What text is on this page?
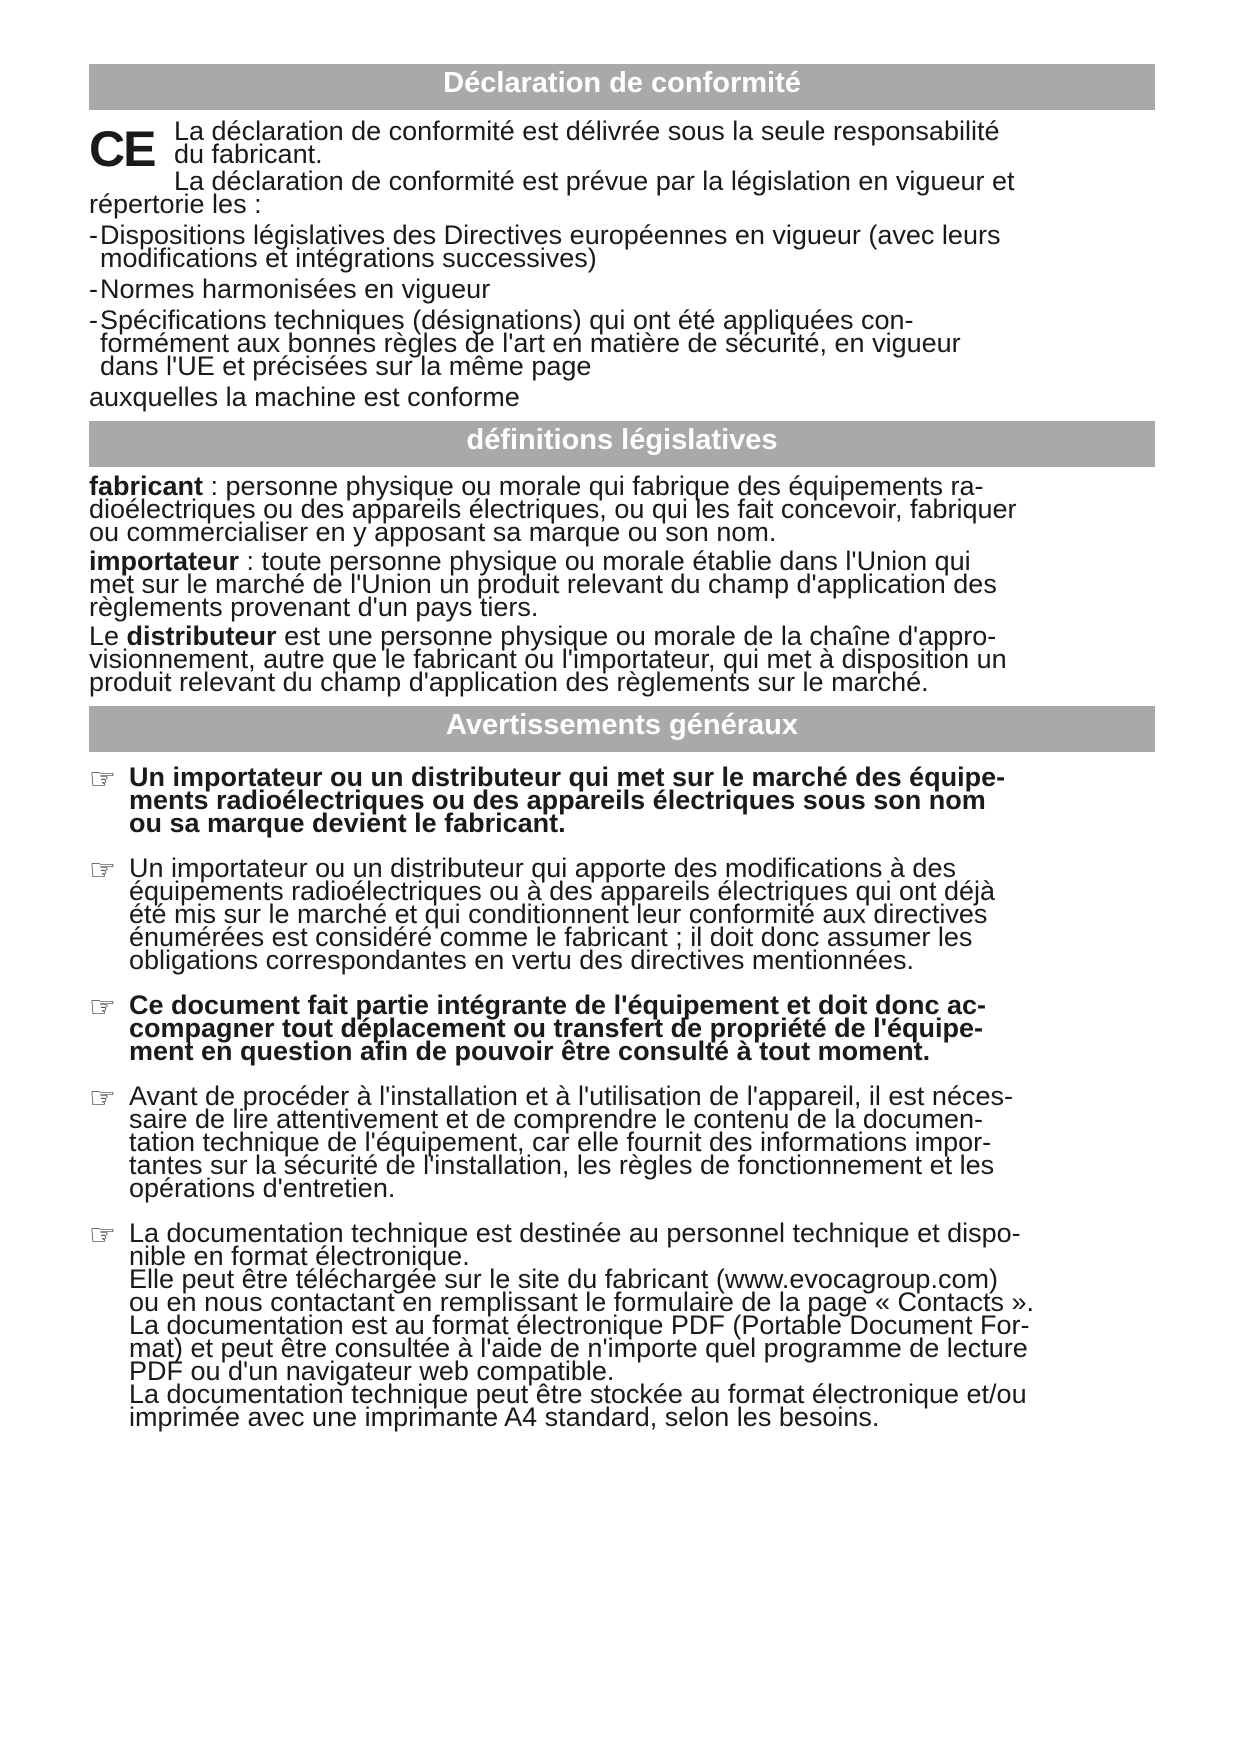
Déclaration de conformité
CE La déclaration de conformité est délivrée sous la seule responsabilité

du fabricant.

La déclaration de conformité est prévue par la législation en vigueur et

répertorie les :

- Dispositions législatives des Directives européennes en vigueur (avec leurs

modifications et intégrations successives)

- Normes harmonisées en vigueur

- Spécifications techniques (désignations) qui ont été appliquées con-

formément aux bonnes règles de l'art en matière de sécurité, en vigueur

dans l'UE et précisées sur la même page

auxquelles la machine est conforme

définitions législatives

fabricant : personne physique ou morale qui fabrique des équipements ra-

dioélectriques ou des appareils électriques, ou qui les fait concevoir, fabriquer

ou commercialiser en y apposant sa marque ou son nom.

importateur : toute personne physique ou morale établie dans l'Union qui

met sur le marché de l'Union un produit relevant du champ d'application des

règlements provenant d'un pays tiers.

Le distributeur est une personne physique ou morale de la chaîne d'appro-

visionnement, autre que le fabricant ou l'importateur, qui met à disposition un

produit relevant du champ d'application des règlements sur le marché.

Avertissements généraux
☞ Un importateur ou un distributeur qui met sur le marché des équipe-

ments radioélectriques ou des appareils électriques sous son nom

ou sa marque devient le fabricant.

☞ Un importateur ou un distributeur qui apporte des modifications à des

équipements radioélectriques ou à des appareils électriques qui ont déjà

été mis sur le marché et qui conditionnent leur conformité aux directives

énumérées est considéré comme le fabricant ; il doit donc assumer les

obligations correspondantes en vertu des directives mentionnées.

☞ Ce document fait partie intégrante de l'équipement et doit donc ac-

compagner tout déplacement ou transfert de propriété de l'équipe-

ment en question afin de pouvoir être consulté à tout moment.

☞ Avant de procéder à l'installation et à l'utilisation de l'appareil, il est néces-

saire de lire attentivement et de comprendre le contenu de la documen-

tation technique de l'équipement, car elle fournit des informations impor-

tantes sur la sécurité de l'installation, les règles de fonctionnement et les

opérations d'entretien.

☞ La documentation technique est destinée au personnel technique et dispo-

nible en format électronique.

Elle peut être téléchargée sur le site du fabricant (www.evocagroup.com)

ou en nous contactant en remplissant le formulaire de la page « Contacts ».

La documentation est au format électronique PDF (Portable Document For-

mat) et peut être consultée à l'aide de n'importe quel programme de lecture

PDF ou d'un navigateur web compatible.

La documentation technique peut être stockée au format électronique et/ou

imprimée avec une imprimante A4 standard, selon les besoins.
